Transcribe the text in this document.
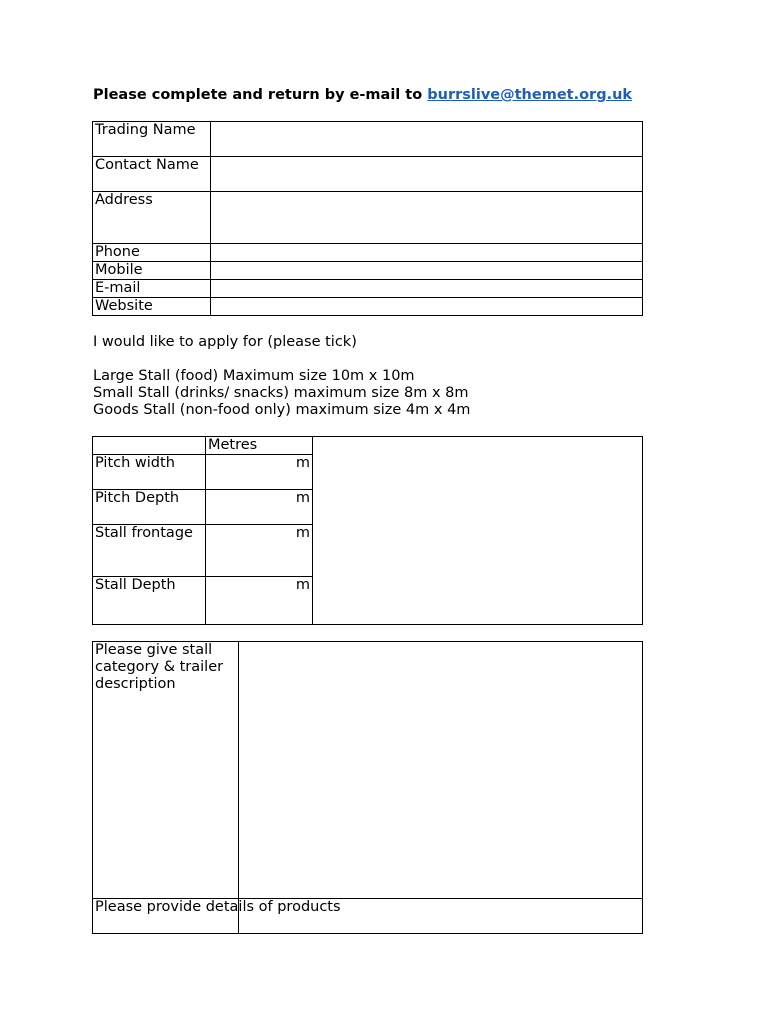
Please complete and return by e-mail to burrslive@themet.org.uk
Trading Name	
Contact Name	
Address	
Phone	
Mobile	
E-mail	
Website	
I would like to apply for (please tick)
Large Stall (food) Maximum size 10m x 10m
Small Stall (drinks/ snacks) maximum size 8m x 8m
Goods Stall (non-food only) maximum size 4m x 4m
	Metres	
Pitch width	m	
Pitch Depth	m	
Stall frontage	m	
Stall Depth	m	
Please give stall category & trailer description	
Please provide details of products	
